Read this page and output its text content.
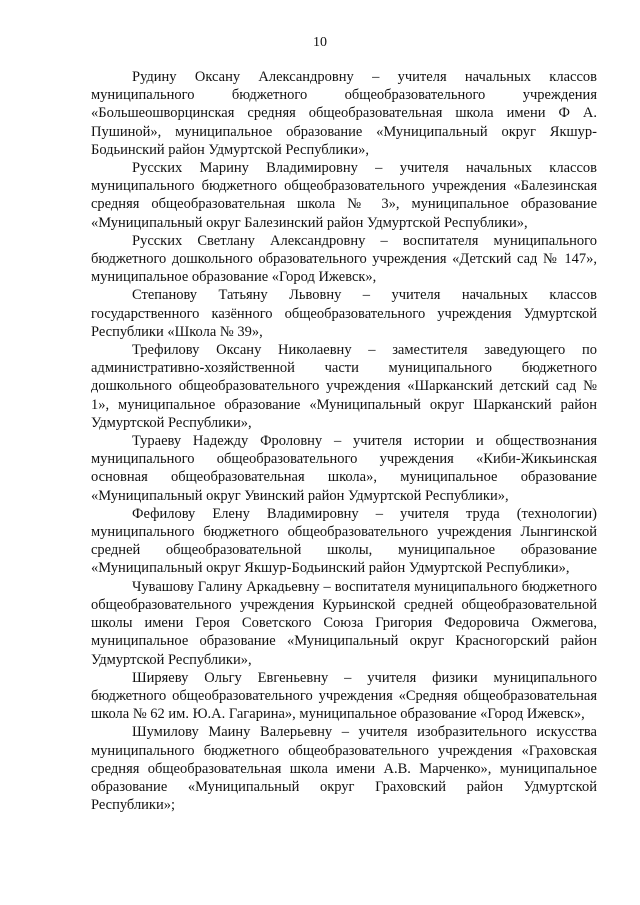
10

Рудину Оксану Александровну – учителя начальных классов муниципального бюджетного общеобразовательного учреждения «Большеошворцинская средняя общеобразовательная школа имени Ф А. Пушиной», муниципальное образование «Муниципальный округ Якшур-Бодьинский район Удмуртской Республики»,

Русских Марину Владимировну – учителя начальных классов муниципального бюджетного общеобразовательного учреждения «Балезинская средняя общеобразовательная школа № 3», муниципальное образование «Муниципальный округ Балезинский район Удмуртской Республики»,

Русских Светлану Александровну – воспитателя муниципального бюджетного дошкольного образовательного учреждения «Детский сад № 147», муниципальное образование «Город Ижевск»,

Степанову Татьяну Львовну – учителя начальных классов государственного казённого общеобразовательного учреждения Удмуртской Республики «Школа № 39»,

Трефилову Оксану Николаевну – заместителя заведующего по административно-хозяйственной части муниципального бюджетного дошкольного общеобразовательного учреждения «Шарканский детский сад № 1», муниципальное образование «Муниципальный округ Шарканский район Удмуртской Республики»,

Тураеву Надежду Фроловну – учителя истории и обществознания муниципального общеобразовательного учреждения «Киби-Жикьинская основная общеобразовательная школа», муниципальное образование «Муниципальный округ Увинский район Удмуртской Республики»,

Фефилову Елену Владимировну – учителя труда (технологии) муниципального бюджетного общеобразовательного учреждения Лынгинской средней общеобразовательной школы, муниципальное образование «Муниципальный округ Якшур-Бодьинский район Удмуртской Республики»,

Чувашову Галину Аркадьевну – воспитателя муниципального бюджетного общеобразовательного учреждения Курьинской средней общеобразовательной школы имени Героя Советского Союза Григория Федоровича Ожмегова, муниципальное образование «Муниципальный округ Красногорский район Удмуртской Республики»,

Ширяеву Ольгу Евгеньевну – учителя физики муниципального бюджетного общеобразовательного учреждения «Средняя общеобразовательная школа № 62 им. Ю.А. Гагарина», муниципальное образование «Город Ижевск»,

Шумилову Маину Валерьевну – учителя изобразительного искусства муниципального бюджетного общеобразовательного учреждения «Граховская средняя общеобразовательная школа имени А.В. Марченко», муниципальное образование «Муниципальный округ Граховский район Удмуртской Республики»;
